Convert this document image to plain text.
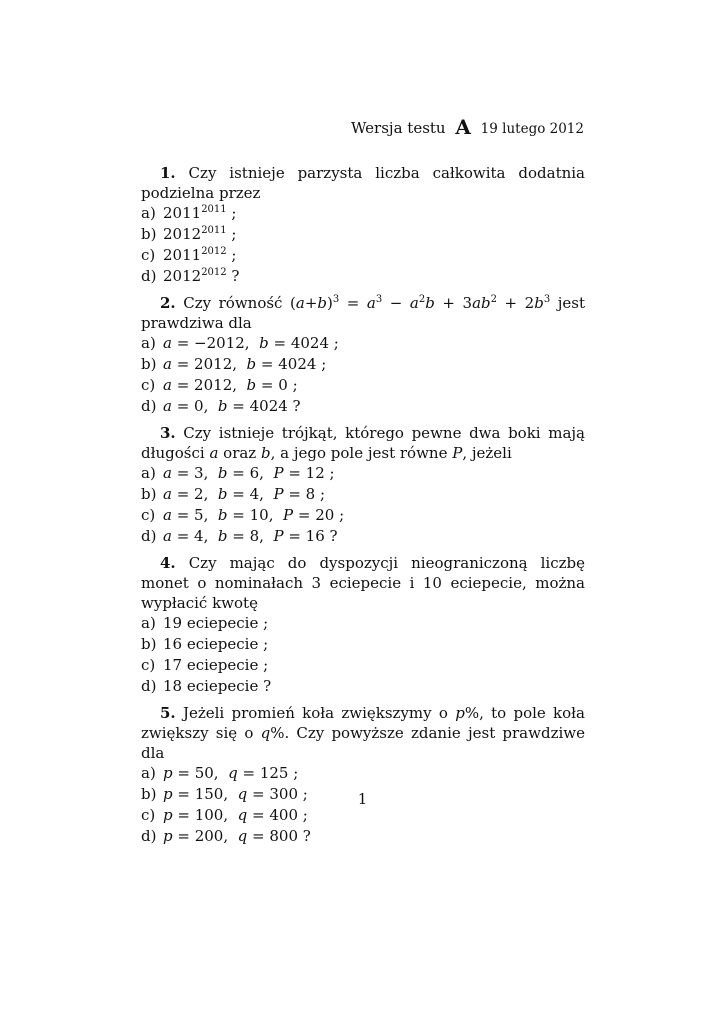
Wersja testu A 19 lutego 2012
1. Czy istnieje parzysta liczba całkowita dodatnia podzielna przez
a) $2011^{2011}$ ;
b) $2012^{2011}$ ;
c) $2011^{2012}$ ;
d) $2012^{2012}$ ?
2. Czy równość $(a+b)^3 = a^3 - a^2b + 3ab^2 + 2b^3$ jest prawdziwa dla
a) a = −2012,  b = 4024 ;
b) a = 2012,  b = 4024 ;
c) a = 2012,  b = 0 ;
d) a = 0,  b = 4024 ?
3. Czy istnieje trójkąt, którego pewne dwa boki mają długości a oraz b, a jego pole jest równe P, jeżeli
a) a = 3,  b = 6,  P = 12 ;
b) a = 2,  b = 4,  P = 8 ;
c) a = 5,  b = 10,  P = 20 ;
d) a = 4,  b = 8,  P = 16 ?
4. Czy mając do dyspozycji nieograniczoną liczbę monet o nominałach 3 eciepecie i 10 eciepecie, można wypłacić kwotę
a) 19 eciepecie ;
b) 16 eciepecie ;
c) 17 eciepecie ;
d) 18 eciepecie ?
5. Jeżeli promień koła zwiększymy o p%, to pole koła zwiększy się o q%. Czy powyższe zdanie jest prawdziwe dla
a) p = 50,  q = 125 ;
b) p = 150,  q = 300 ;
c) p = 100,  q = 400 ;
d) p = 200,  q = 800 ?
1
